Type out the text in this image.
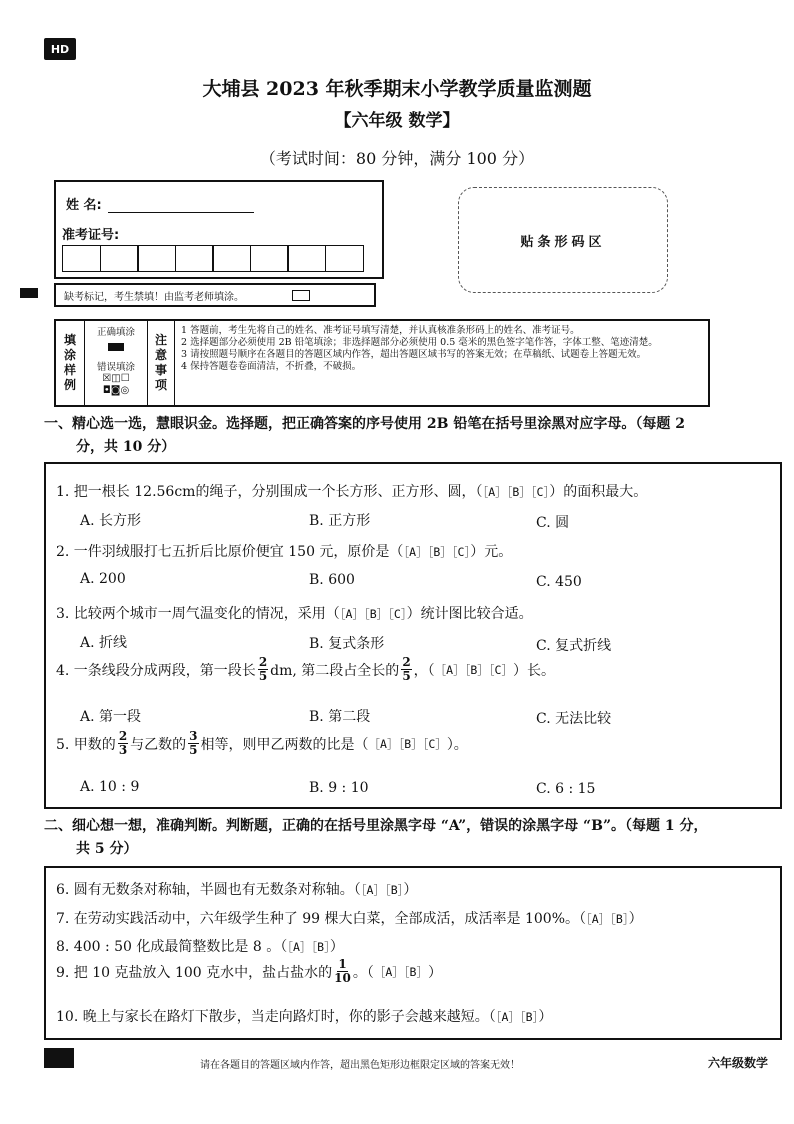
HD
大埔县 2023 年秋季期末小学教学质量监测题
【六年级 数学】
（考试时间：80 分钟，满分 100 分）
姓 名:
准考证号:	贴条形码区
缺考标记，考生禁填！由监考老师填涂。
填
涂
样
例
正确填涂
错误填涂
☒◫☐
◘◙◎
注
意
事
项
1 答题前，考生先将自己的姓名、准考证号填写清楚，并认真核准条形码上的姓名、准考证号。
2 选择题部分必须使用 2B 铅笔填涂；非选择题部分必须使用 0.5 毫米的黑色签字笔作答，字体工整、笔迹清楚。
3 请按照题号顺序在各题目的答题区域内作答，超出答题区域书写的答案无效；在草稿纸、试题卷上答题无效。
4 保持答题卷卷面清洁，不折叠，不破损。
一、精心选一选，慧眼识金。选择题，把正确答案的序号使用 2B 铅笔在括号里涂黑对应字母。（每题 2
分，共 10 分）
1. 把一根长 12.56cm的绳子，分别围成一个长方形、正方形、圆，（［A］［B］［C］）的面积最大。
A. 长方形	B. 正方形	C. 圆
2. 一件羽绒服打七五折后比原价便宜 150 元，原价是（［A］［B］［C］）元。
A. 200	B. 600	C. 450
3. 比较两个城市一周气温变化的情况，采用（［A］［B］［C］）统计图比较合适。
A. 折线	B. 复式条形	C. 复式折线
4. 一条线段分成两段，第一段长 $\frac{2}{5}$ dm, 第二段占全长的 $\frac{2}{5}$ ，（ ［A］［B］［C］ ）长。
A. 第一段	B. 第二段	C. 无法比较
5. 甲数的 $\frac{2}{3}$ 与乙数的 $\frac{3}{5}$ 相等，则甲乙两数的比是（ ［A］［B］［C］ ）。
A. 10 : 9	B. 9 : 10	C. 6 : 15
二、细心想一想，准确判断。判断题，正确的在括号里涂黑字母 “A”，错误的涂黑字母 “B”。（每题 1 分，
共 5 分）
6. 圆有无数条对称轴，半圆也有无数条对称轴。（［A］［B］）
7. 在劳动实践活动中，六年级学生种了 99 棵大白菜，全部成活，成活率是 100%。（［A］［B］）
8. 400 : 50 化成最简整数比是 8 。（［A］［B］）
9. 把 10 克盐放入 100 克水中，盐占盐水的 $\frac{1}{10}$ 。（ ［A］［B］ ）
10. 晚上与家长在路灯下散步，当走向路灯时，你的影子会越来越短。（［A］［B］）
请在各题目的答题区域内作答，超出黑色矩形边框限定区域的答案无效！	六年级数学
